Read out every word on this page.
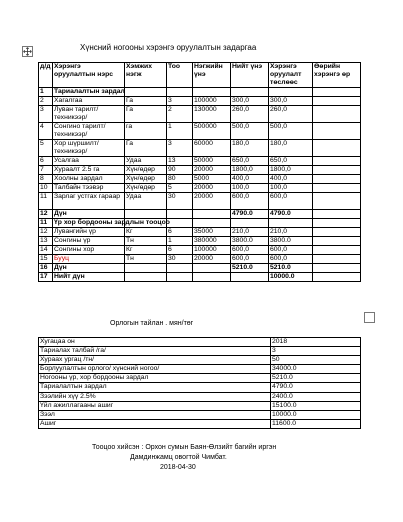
Хүнсний ногооны хэрэнгэ оруулалтын задаргаа
д/д	Хэрэнгэ оруулалтын нэрс	Хэмжих нэгж	Тоо	Нэгжийн үнэ	Нийт үнэ	Хэрэнгэ оруулалт төслөөс	Өөрийн хэрэнгэ өр
1	Тариалалтын зардал						
2	Хагалгаа	Га	3	100000	300,0	300,0	
3	Луван тарилт/техникээр/	Га	2	130000	260,0	260,0	
4	Сонгино тарилт/техникээр/	га	1	500000	500,0	500,0	
5	Хор шүршилт/техникээр/	Га	3	60000	180,0	180,0	
6	Усалгаа	Удаа	13	50000	650,0	650,0	
7	Хураалт 2.5 га	Хүн/өдөр	90	20000	1800,0	1800,0	
8	Хоолны зардал	Хүн/өдөр	80	5000	400,0	400,0	
10	Талбайн тээвэр	Хүн/өдөр	5	20000	100,0	100,0	
11	Зарлаг устгах гараар	Удаа	30	20000	600,0	600,0	
12	Дүн				4790.0	4790.0	
11	Үр хор бордооны зардлын тооцоо						
12	Лувангийн үр	Кг	6	35000	210,0	210,0	
13	Сонгины үр	Тн	1	380000	3800.0	3800.0	
14	Сонгины хор	Кг	6	100000	600,0	600,0	
15	Бууц	Тн	30	20000	600,0	600,0	
16	Дүн				5210.0	5210.0	
17	Нийт дүн					10000.0	
Орлогын тайлан . мян/төг
Хугацаа он	2018
Тариалах талбай /га/	3
Хураах ургац /тн/	50
Борлуулалтын орлого/ хүнсний ногоо/	34000.0
Ногооны үр, хор бордооны зардал	5210.0
Тариалалтын зардал	4790.0
Зээлийн хүү 2.5%	2400.0
Үйл ажиллагааны ашиг	15100.0
Зээл	10000.0
Ашиг	11600.0
Тооцоо хийсэн : Орхон сумын Баян-Өлзийт багийн иргэн
Дамдинжамц овогтой Чимбат.
2018-04-30
